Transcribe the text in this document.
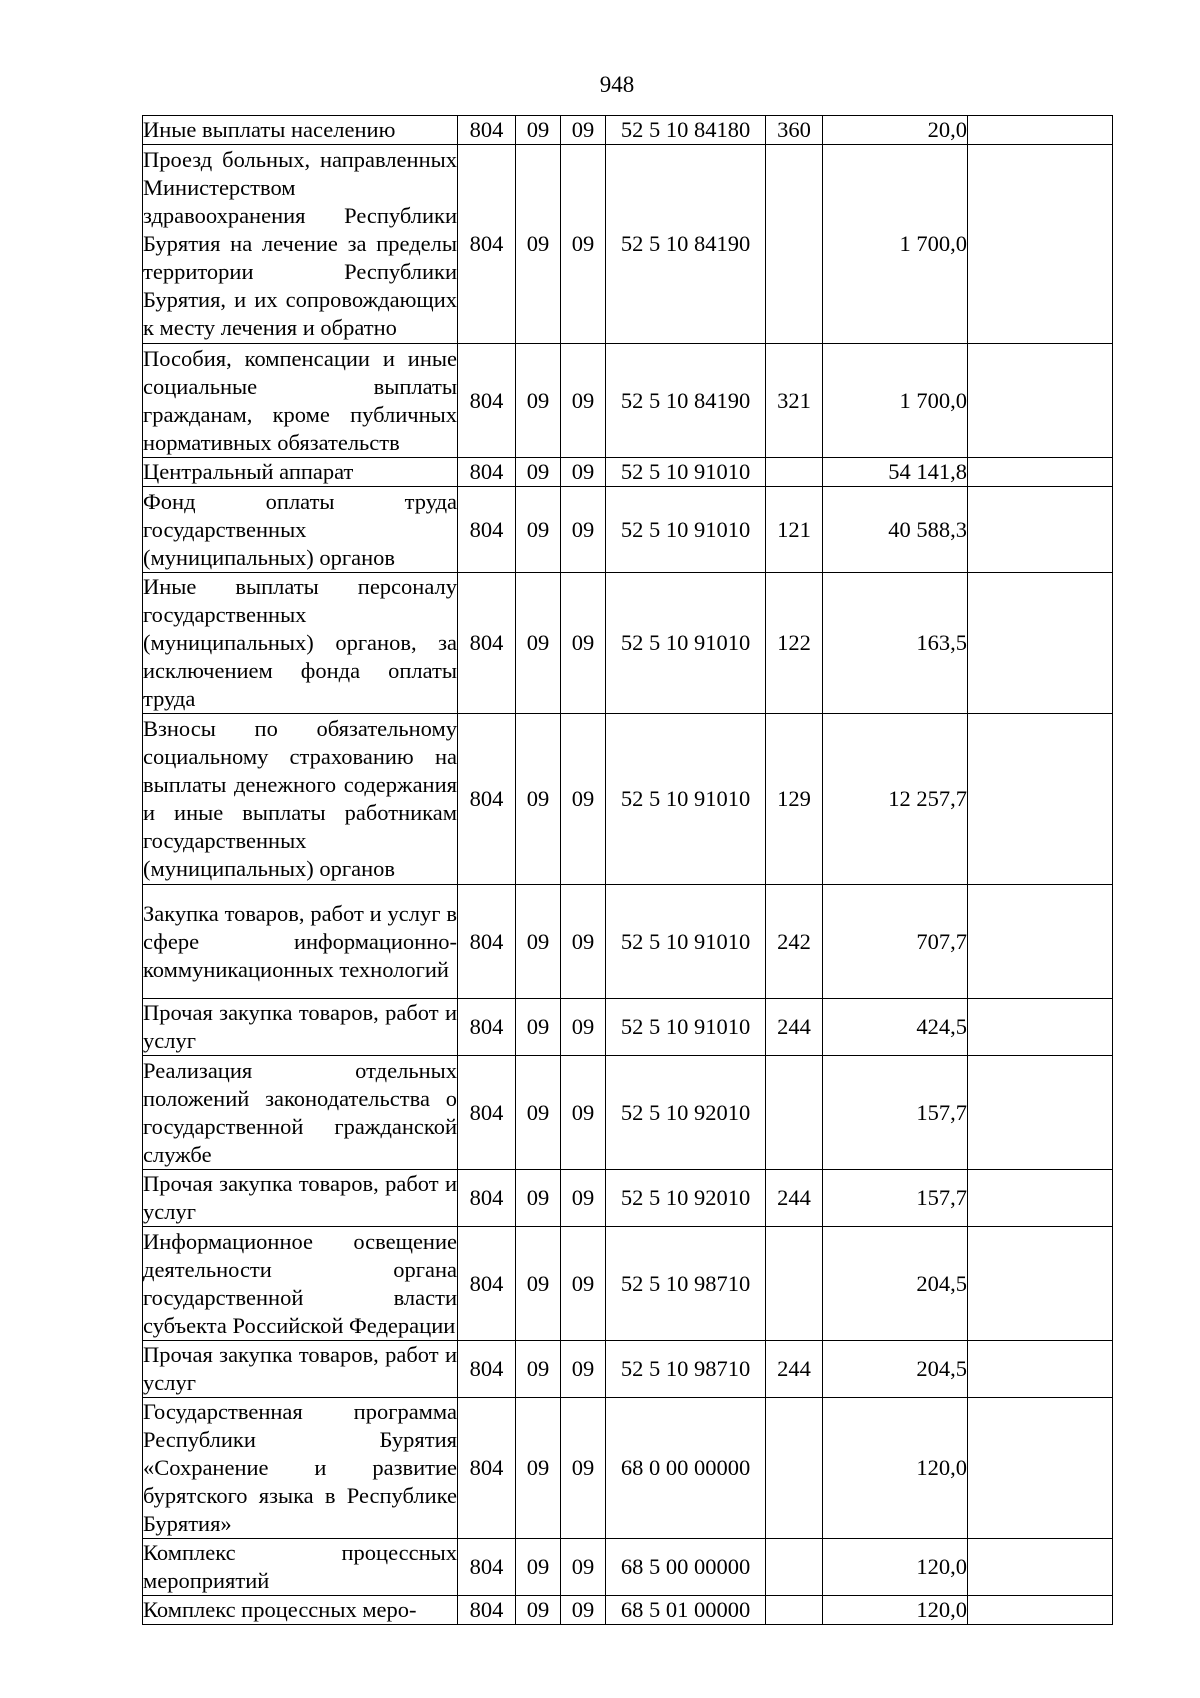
948
Иные выплаты населению	804	09	09	52 5 10 84180	360	20,0	

Проезд больных, направленных Министерством здравоохранения Республики Бурятия на лечение за пределы территории Республики Бурятия, и их сопровождающих к месту лечения и обратно	804	09	09	52 5 10 84190		1 700,0	

Пособия, компенсации и иные социальные выплаты гражданам, кроме публичных нормативных обязательств	804	09	09	52 5 10 84190	321	1 700,0	

Центральный аппарат	804	09	09	52 5 10 91010		54 141,8	

Фонд оплаты труда государственных (муниципальных) органов	804	09	09	52 5 10 91010	121	40 588,3	

Иные выплаты персоналу государственных (муниципальных) органов, за исключением фонда оплаты труда	804	09	09	52 5 10 91010	122	163,5	

Взносы по обязательному социальному страхованию на выплаты денежного содержания и иные выплаты работникам государственных (муниципальных) органов	804	09	09	52 5 10 91010	129	12 257,7	

Закупка товаров, работ и услуг в сфере информационно-коммуникационных технологий	804	09	09	52 5 10 91010	242	707,7	

Прочая закупка товаров, работ и услуг	804	09	09	52 5 10 91010	244	424,5	

Реализация отдельных положений законодательства о государственной гражданской службе	804	09	09	52 5 10 92010		157,7	

Прочая закупка товаров, работ и услуг	804	09	09	52 5 10 92010	244	157,7	

Информационное освещение деятельности органа государственной власти субъекта Российской Федерации	804	09	09	52 5 10 98710		204,5	

Прочая закупка товаров, работ и услуг	804	09	09	52 5 10 98710	244	204,5	

Государственная программа Республики Бурятия «Сохранение и развитие бурятского языка в Республике Бурятия»	804	09	09	68 0 00 00000		120,0	

Комплекс процессных мероприятий	804	09	09	68 5 00 00000		120,0	

Комплекс процессных меро-	804	09	09	68 5 01 00000		120,0	
